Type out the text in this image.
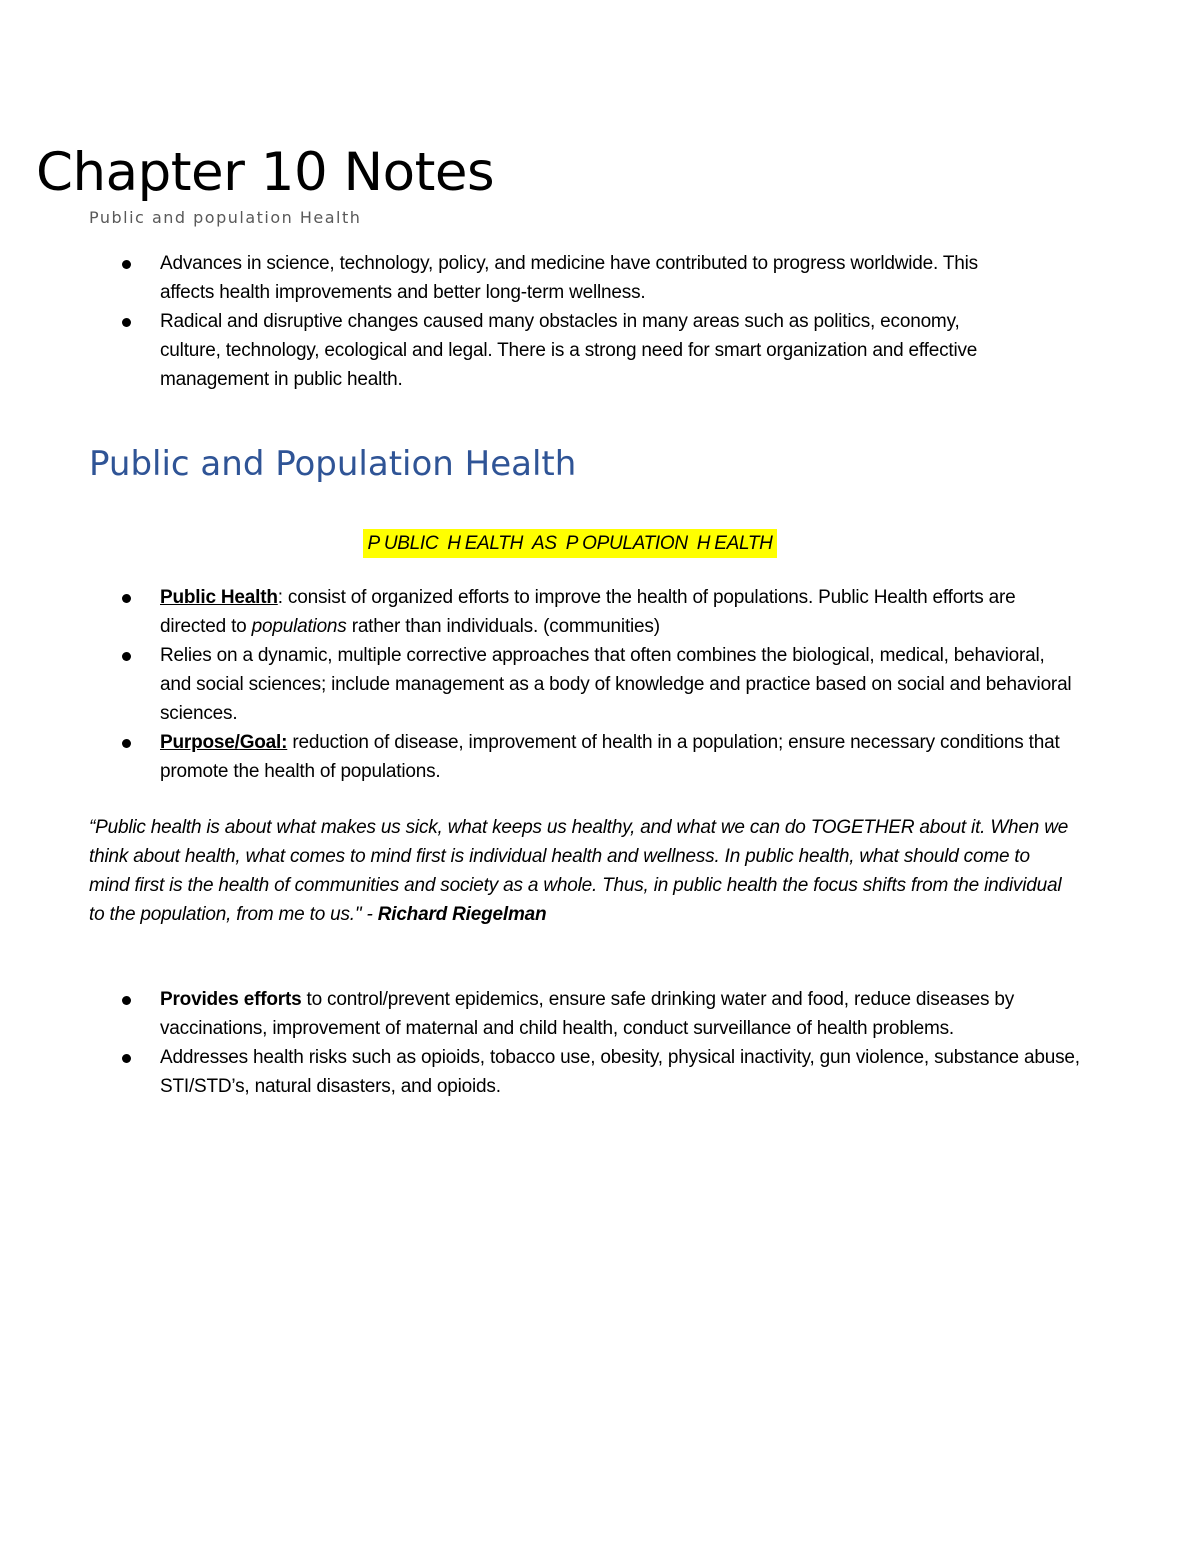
Chapter 10 Notes
Public and population Health
Advances in science, technology, policy, and medicine have contributed to progress worldwide. This affects health improvements and better long-term wellness.
Radical and disruptive changes caused many obstacles in many areas such as politics, economy, culture, technology, ecological and legal. There is a strong need for smart organization and effective management in public health.
Public and Population Health
P UBLIC H EALTH AS P OPULATION H EALTH
Public Health: consist of organized efforts to improve the health of populations. Public Health efforts are directed to populations rather than individuals. (communities)
Relies on a dynamic, multiple corrective approaches that often combines the biological, medical, behavioral, and social sciences; include management as a body of knowledge and practice based on social and behavioral sciences.
Purpose/Goal: reduction of disease, improvement of health in a population; ensure necessary conditions that promote the health of populations.
“Public health is about what makes us sick, what keeps us healthy, and what we can do TOGETHER about it. When we think about health, what comes to mind first is individual health and wellness. In public health, what should come to mind first is the health of communities and society as a whole. Thus, in public health the focus shifts from the individual to the population, from me to us." - Richard Riegelman
Provides efforts to control/prevent epidemics, ensure safe drinking water and food, reduce diseases by vaccinations, improvement of maternal and child health, conduct surveillance of health problems.
Addresses health risks such as opioids, tobacco use, obesity, physical inactivity, gun violence, substance abuse, STI/STD’s, natural disasters, and opioids.
